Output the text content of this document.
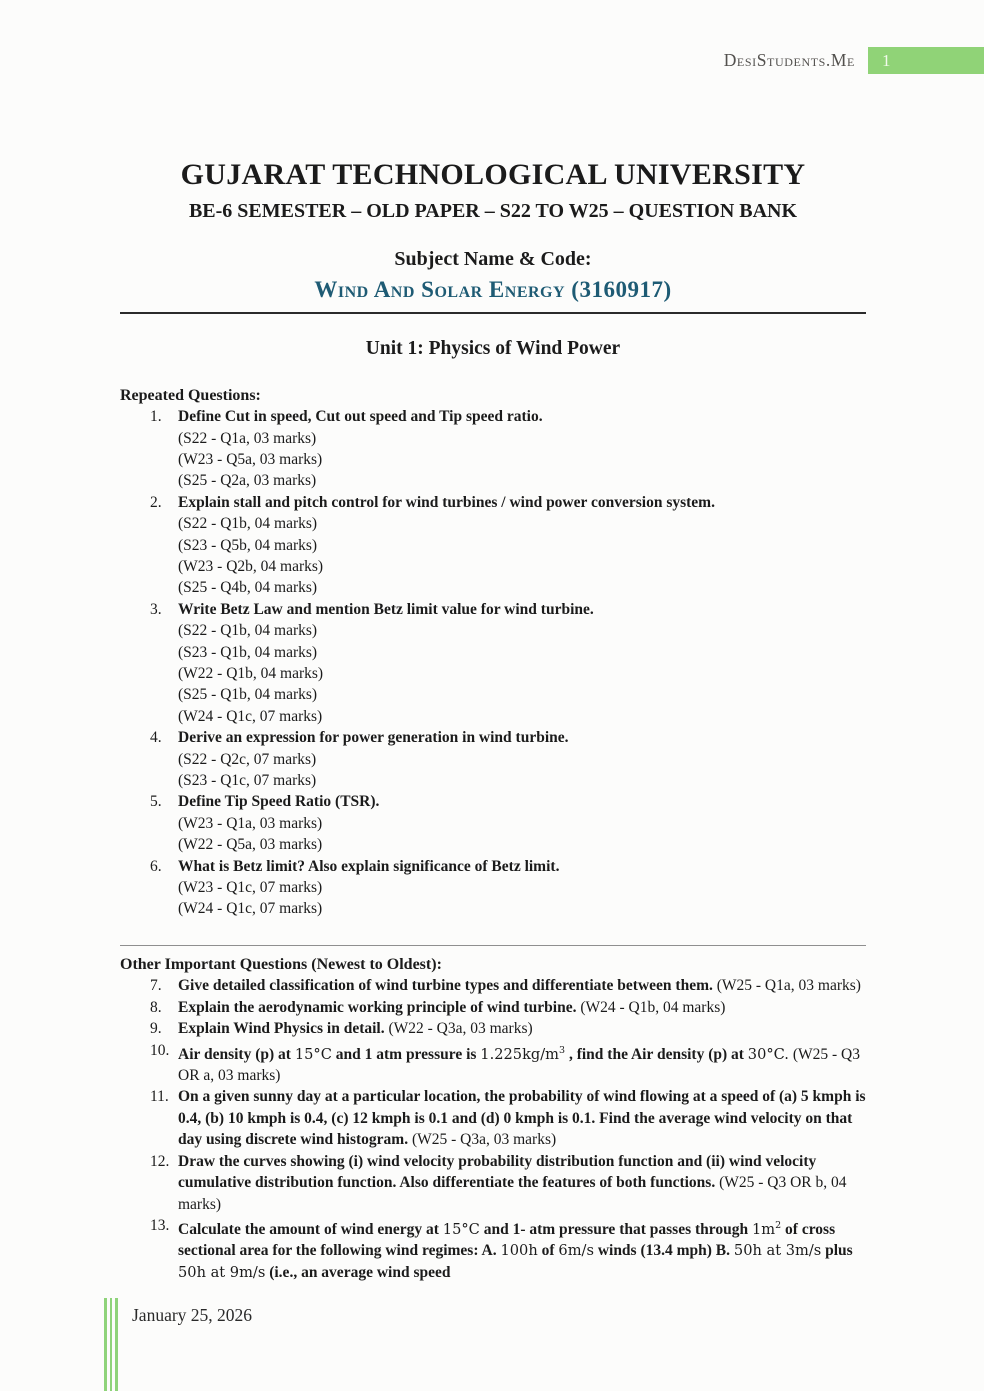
DesiStudents.Me 1
GUJARAT TECHNOLOGICAL UNIVERSITY
BE-6 SEMESTER – OLD PAPER – S22 TO W25 – QUESTION BANK
Subject Name & Code:
Wind And Solar Energy (3160917)
Unit 1: Physics of Wind Power
Repeated Questions:
1.	Define Cut in speed, Cut out speed and Tip speed ratio.
(S22 - Q1a, 03 marks)
(W23 - Q5a, 03 marks)
(S25 - Q2a, 03 marks)
2.	Explain stall and pitch control for wind turbines / wind power conversion system.
(S22 - Q1b, 04 marks)
(S23 - Q5b, 04 marks)
(W23 - Q2b, 04 marks)
(S25 - Q4b, 04 marks)
3.	Write Betz Law and mention Betz limit value for wind turbine.
(S22 - Q1b, 04 marks)
(S23 - Q1b, 04 marks)
(W22 - Q1b, 04 marks)
(S25 - Q1b, 04 marks)
(W24 - Q1c, 07 marks)
4.	Derive an expression for power generation in wind turbine.
(S22 - Q2c, 07 marks)
(S23 - Q1c, 07 marks)
5.	Define Tip Speed Ratio (TSR).
(W23 - Q1a, 03 marks)
(W22 - Q5a, 03 marks)
6.	What is Betz limit? Also explain significance of Betz limit.
(W23 - Q1c, 07 marks)
(W24 - Q1c, 07 marks)
Other Important Questions (Newest to Oldest):
7.	Give detailed classification of wind turbine types and differentiate between them. (W25 - Q1a, 03 marks)
8.	Explain the aerodynamic working principle of wind turbine. (W24 - Q1b, 04 marks)
9.	Explain Wind Physics in detail. (W22 - Q3a, 03 marks)
10. Air density (p) at 15°C and 1 atm pressure is $1.225kg/m^3$ , find the Air density (p) at 30°C. (W25 - Q3 OR a, 03 marks)
11. On a given sunny day at a particular location, the probability of wind flowing at a speed of (a) 5 kmph is 0.4, (b) 10 kmph is 0.4, (c) 12 kmph is 0.1 and (d) 0 kmph is 0.1. Find the average wind velocity on that day using discrete wind histogram. (W25 - Q3a, 03 marks)
12. Draw the curves showing (i) wind velocity probability distribution function and (ii) wind velocity cumulative distribution function. Also differentiate the features of both functions. (W25 - Q3 OR b, 04 marks)
13. Calculate the amount of wind energy at 15°C and 1- atm pressure that passes through $1m^2$ of cross sectional area for the following wind regimes: A. 100h of 6m/s winds (13.4 mph) B. 50h at 3m/s plus 50h at 9m/s (i.e., an average wind speed
January 25, 2026
